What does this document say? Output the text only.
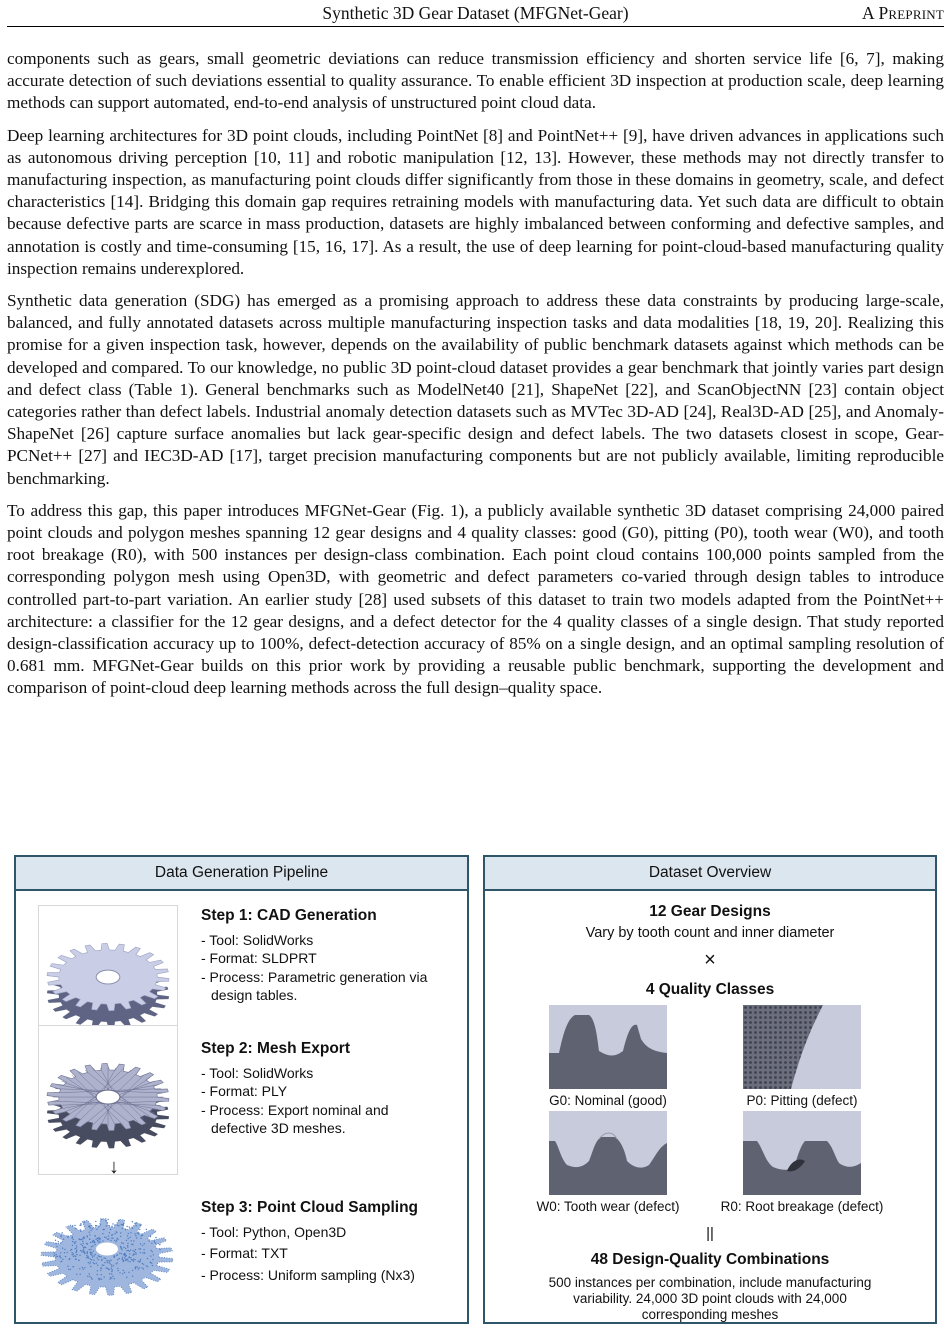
Synthetic 3D Gear Dataset (MFGNet-Gear)	A PREPRINT

components such as gears, small geometric deviations can reduce transmission efficiency and shorten service life [6, 7], making accurate detection of such deviations essential to quality assurance. To enable efficient 3D inspection at production scale, deep learning methods can support automated, end-to-end analysis of unstructured point cloud data.

Deep learning architectures for 3D point clouds, including PointNet [8] and PointNet++ [9], have driven advances in applications such as autonomous driving perception [10, 11] and robotic manipulation [12, 13]. However, these methods may not directly transfer to manufacturing inspection, as manufacturing point clouds differ significantly from those in these domains in geometry, scale, and defect characteristics [14]. Bridging this domain gap requires retraining models with manufacturing data. Yet such data are difficult to obtain because defective parts are scarce in mass production, datasets are highly imbalanced between conforming and defective samples, and annotation is costly and time-consuming [15, 16, 17]. As a result, the use of deep learning for point-cloud-based manufacturing quality inspection remains underexplored.

Synthetic data generation (SDG) has emerged as a promising approach to address these data constraints by producing large-scale, balanced, and fully annotated datasets across multiple manufacturing inspection tasks and data modalities [18, 19, 20]. Realizing this promise for a given inspection task, however, depends on the availability of public benchmark datasets against which methods can be developed and compared. To our knowledge, no public 3D point-cloud dataset provides a gear benchmark that jointly varies part design and defect class (Table 1). General benchmarks such as ModelNet40 [21], ShapeNet [22], and ScanObjectNN [23] contain object categories rather than defect labels. Industrial anomaly detection datasets such as MVTec 3D-AD [24], Real3D-AD [25], and Anomaly-ShapeNet [26] capture surface anomalies but lack gear-specific design and defect labels. The two datasets closest in scope, Gear-PCNet++ [27] and IEC3D-AD [17], target precision manufacturing components but are not publicly available, limiting reproducible benchmarking.

To address this gap, this paper introduces MFGNet-Gear (Fig. 1), a publicly available synthetic 3D dataset comprising 24,000 paired point clouds and polygon meshes spanning 12 gear designs and 4 quality classes: good (G0), pitting (P0), tooth wear (W0), and tooth root breakage (R0), with 500 instances per design-class combination. Each point cloud contains 100,000 points sampled from the corresponding polygon mesh using Open3D, with geometric and defect parameters co-varied through design tables to introduce controlled part-to-part variation. An earlier study [28] used subsets of this dataset to train two models adapted from the PointNet++ architecture: a classifier for the 12 gear designs, and a defect detector for the 4 quality classes of a single design. That study reported design-classification accuracy up to 100%, defect-detection accuracy of 85% on a single design, and an optimal sampling resolution of 0.681 mm. MFGNet-Gear builds on this prior work by providing a reusable public benchmark, supporting the development and comparison of point-cloud deep learning methods across the full design–quality space.

Data Generation Pipeline
Step 1: CAD Generation
- Tool: SolidWorks
- Format: SLDPRT
- Process: Parametric generation via design tables.
Step 2: Mesh Export
- Tool: SolidWorks
- Format: PLY
- Process: Export nominal and defective 3D meshes.
↓
Step 3: Point Cloud Sampling
- Tool: Python, Open3D
- Format: TXT
- Process: Uniform sampling (Nx3)
Dataset Overview
12 Gear Designs
Vary by tooth count and inner diameter
×
4 Quality Classes
G0: Nominal (good)	P0: Pitting (defect)
W0: Tooth wear (defect)	R0: Root breakage (defect)
||
48 Design-Quality Combinations
500 instances per combination, include manufacturing variability. 24,000 3D point clouds with 24,000 corresponding meshes
